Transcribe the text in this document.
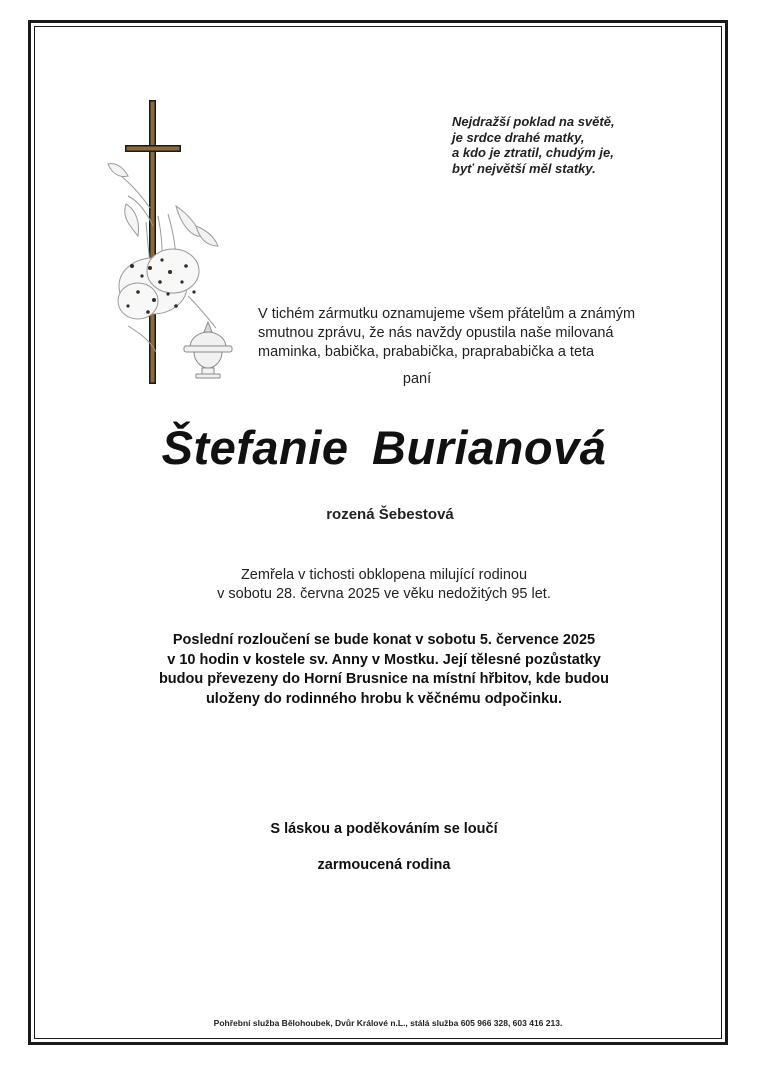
Nejdražší poklad na světě,
je srdce drahé matky,
a kdo je ztratil, chudým je,
byť největší měl statky.
V tichém zármutku oznamujeme všem přátelům a známým
smutnou zprávu, že nás navždy opustila naše milovaná
maminka, babička, prababička, praprababička a teta
paní
Štefanie Burianová
rozená Šebestová
Zemřela v tichosti obklopena milující rodinou
v sobotu 28. června 2025 ve věku nedožitých 95 let.
Poslední rozloučení se bude konat v sobotu 5. července 2025
v 10 hodin v kostele sv. Anny v Mostku. Její tělesné pozůstatky
budou převezeny do Horní Brusnice na místní hřbitov, kde budou
uloženy do rodinného hrobu k věčnému odpočinku.
S láskou a poděkováním se loučí
zarmoucená rodina
Pohřební služba Bělohoubek, Dvůr Králové n.L., stálá služba 605 966 328, 603 416 213.
